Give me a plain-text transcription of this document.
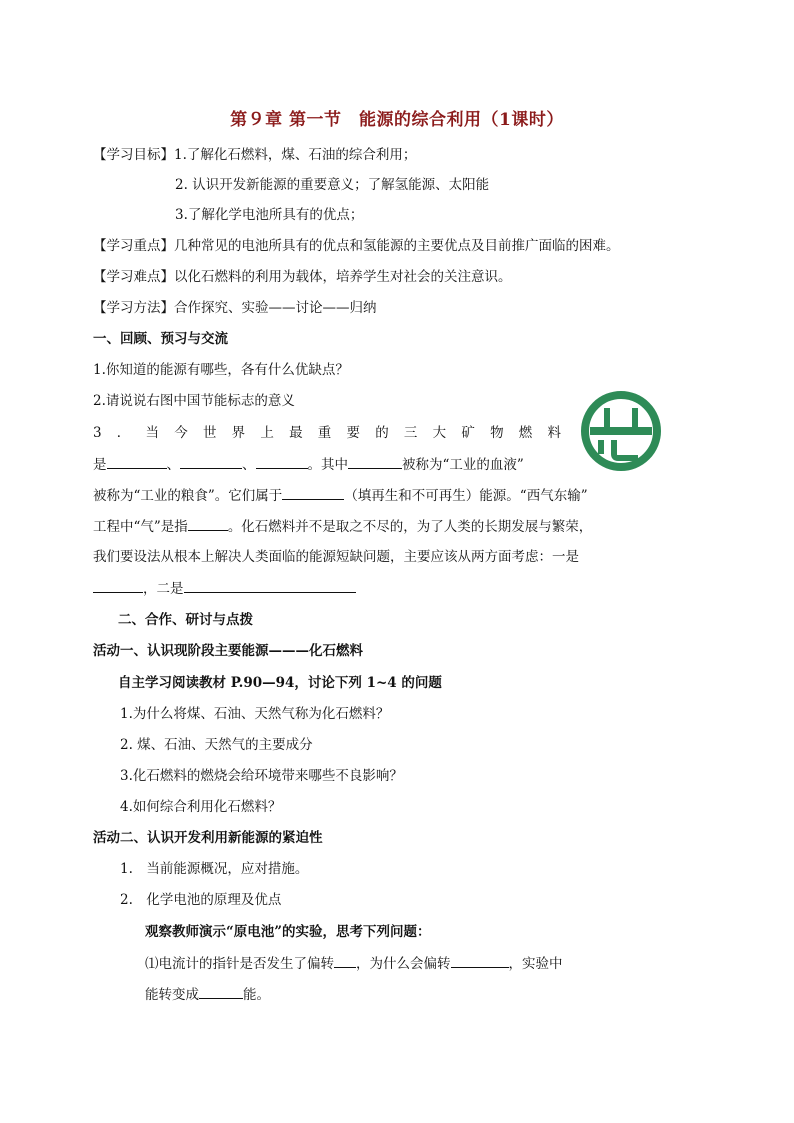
第９章 第一节　能源的综合利用（1课时）
【学习目标】1.了解化石燃料，煤、石油的综合利用；
2. 认识开发新能源的重要意义；了解氢能源、太阳能
3.了解化学电池所具有的优点；
【学习重点】几种常见的电池所具有的优点和氢能源的主要优点及目前推广面临的困难。
【学习难点】以化石燃料的利用为载体，培养学生对社会的关注意识。
【学习方法】合作探究、实验——讨论——归纳
一、回顾、预习与交流
1.你知道的能源有哪些，各有什么优缺点？
2.请说说右图中国节能标志的意义
3．当今世界上最重要的三大矿物燃料
是	、	、	。其中	被称为“工业的血液”
被称为“工业的粮食”。它们属于	（填再生和不可再生）能源。“西气东输”
工程中“气”是指	。化石燃料并不是取之不尽的，为了人类的长期发展与繁荣，
我们要设法从根本上解决人类面临的能源短缺问题，主要应该从两方面考虑：一是
，二是
二、合作、研讨与点拨
活动一、认识现阶段主要能源———化石燃料
自主学习阅读教材 P.90—94，讨论下列 1~4 的问题
1.为什么将煤、石油、天然气称为化石燃料？
2. 煤、石油、天然气的主要成分
3.化石燃料的燃烧会给环境带来哪些不良影响？
4.如何综合利用化石燃料？
活动二、认识开发利用新能源的紧迫性
1.　当前能源概况，应对措施。
2.　化学电池的原理及优点
观察教师演示“原电池”的实验，思考下列问题：
⑴电流计的指针是否发生了偏转 ，为什么会偏转	，实验中
能转变成	能。
